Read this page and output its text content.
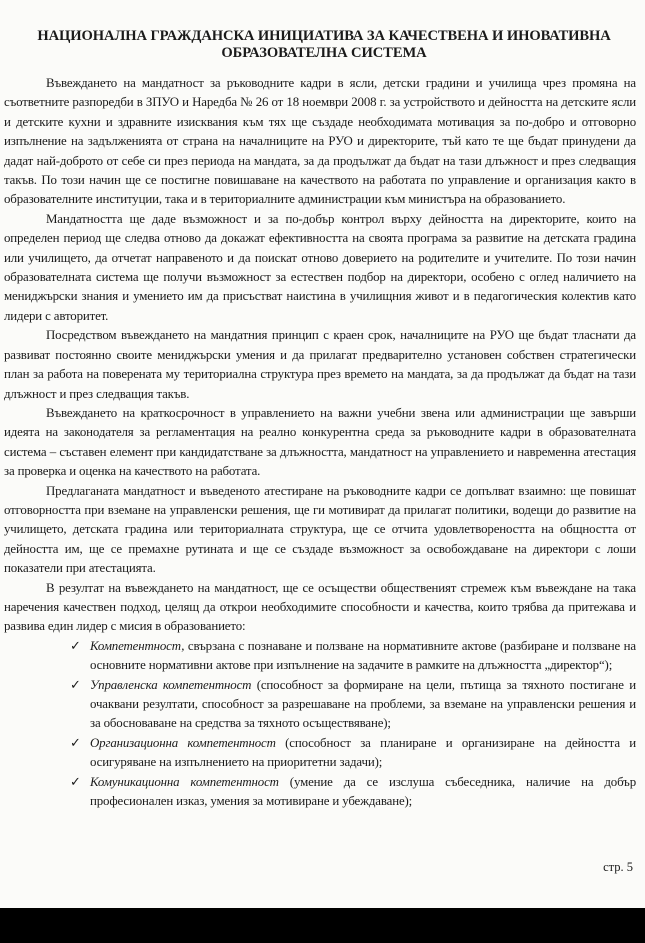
НАЦИОНАЛНА ГРАЖДАНСКА ИНИЦИАТИВА ЗА КАЧЕСТВЕНА И ИНОВАТИВНА
ОБРАЗОВАТЕЛНА СИСТЕМА

Въвеждането на мандатност за ръководните кадри в ясли, детски градини и училища чрез промяна на съответните разпоредби в ЗПУО и Наредба № 26 от 18 ноември 2008 г. за устройството и дейността на детските ясли и детските кухни и здравните изисквания към тях ще създаде необходимата мотивация за по-добро и отговорно изпълнение на задълженията от страна на началниците на РУО и директорите, тъй като те ще бъдат принудени да дадат най-доброто от себе си през периода на мандата, за да продължат да бъдат на тази длъжност и през следващия такъв. По този начин ще се постигне повишаване на качеството на работата по управление и организация както в образователните институции, така и в териториалните администрации към министъра на образованието.

Мандатността ще даде възможност и за по-добър контрол върху дейността на директорите, които на определен период ще следва отново да докажат ефективността на своята програма за развитие на детската градина или училището, да отчетат направеното и да поискат отново доверието на родителите и учителите. По този начин образователната система ще получи възможност за естествен подбор на директори, особено с оглед наличието на мениджърски знания и умението им да присъстват наистина в училищния живот и в педагогическия колектив като лидери с авторитет.

Посредством въвеждането на мандатния принцип с краен срок, началниците на РУО ще бъдат тласнати да развиват постоянно своите мениджърски умения и да прилагат предварително установен собствен стратегически план за работа на поверената му териториална структура през времето на мандата, за да продължат да бъдат на тази длъжност и през следващия такъв.

Въвеждането на краткосрочност в управлението на важни учебни звена или администрации ще завърши идеята на законодателя за регламентация на реално конкурентна среда за ръководните кадри в образователната система – съставен елемент при кандидатстване за длъжността, мандатност на управлението и навременна атестация за проверка и оценка на качеството на работата.

Предлаганата мандатност и въведеното атестиране на ръководните кадри се допълват взаимно: ще повишат отговорността при вземане на управленски решения, ще ги мотивират да прилагат политики, водещи до развитие на училището, детската градина или териториалната структура, ще се отчита удовлетвореността на общността от дейността им, ще се премахне рутината и ще се създаде възможност за освобождаване на директори с лоши показатели при атестацията.

В резултат на въвеждането на мандатност, ще се осъществи общественият стремеж към въвеждане на така наречения качествен подход, целящ да открои необходимите способности и качества, които трябва да притежава и развива един лидер с мисия в образованието:

✓ Компетентност, свързана с познаване и ползване на нормативните актове (разбиране и ползване на основните нормативни актове при изпълнение на задачите в рамките на длъжността „директор“);
✓ Управленска компетентност (способност за формиране на цели, пътища за тяхното постигане и очаквани резултати, способност за разрешаване на проблеми, за вземане на управленски решения и за обосноваване на средства за тяхното осъществяване);
✓ Организационна компетентност (способност за планиране и организиране на дейността и осигуряване на изпълнението на приоритетни задачи);
✓ Комуникационна компетентност (умение да се изслуша събеседника, наличие на добър професионален изказ, умения за мотивиране и убеждаване);
стр. 5
